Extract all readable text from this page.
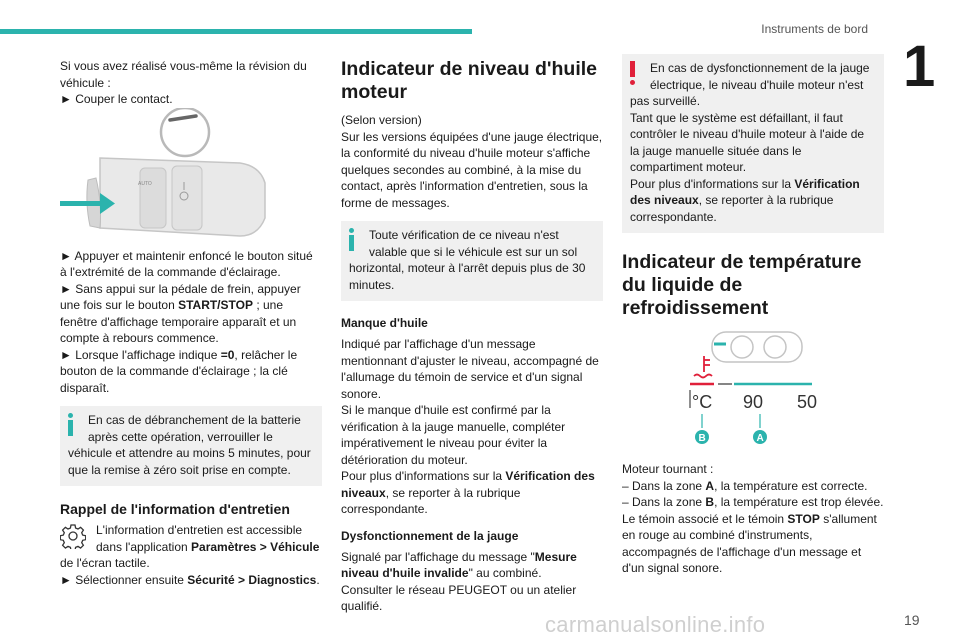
Instruments de bord
1

Si vous avez réalisé vous-même la révision du véhicule :

► Couper le contact.

AUTO

► Appuyer et maintenir enfoncé le bouton situé à l'extrémité de la commande d'éclairage.

► Sans appui sur la pédale de frein, appuyer une fois sur le bouton START/STOP ; une fenêtre d'affichage temporaire apparaît et un compte à rebours commence.

► Lorsque l'affichage indique =0, relâcher le bouton de la commande d'éclairage ; la clé disparaît.

En cas de débranchement de la batterie
après cette opération, verrouiller le
véhicule et attendre au moins 5 minutes, pour que la remise à zéro soit prise en compte.
Rappel de l'information d'entretien
L'information d'entretien est accessible
dans l'application Paramètres > Véhicule

de l'écran tactile.

► Sélectionner ensuite Sécurité > Diagnostics.

Indicateur de niveau d'huile moteur

(Selon version)

Sur les versions équipées d'une jauge électrique, la conformité du niveau d'huile moteur s'affiche quelques secondes au combiné, à la mise du contact, après l'information d'entretien, sous la forme de messages.

Toute vérification de ce niveau n'est
valable que si le véhicule est sur un sol
horizontal, moteur à l'arrêt depuis plus de 30 minutes.
Manque d'huile

Indiqué par l'affichage d'un message mentionnant d'ajuster le niveau, accompagné de l'allumage du témoin de service et d'un signal sonore.

Si le manque d'huile est confirmé par la vérification à la jauge manuelle, compléter impérativement le niveau pour éviter la détérioration du moteur.

Pour plus d'informations sur la Vérification des niveaux, se reporter à la rubrique correspondante.

Dysfonctionnement de la jauge

Signalé par l'affichage du message "Mesure niveau d'huile invalide" au combiné.

Consulter le réseau PEUGEOT ou un atelier qualifié.

En cas de dysfonctionnement de la jauge
électrique, le niveau d'huile moteur n'est
pas surveillé.
Tant que le système est défaillant, il faut contrôler le niveau d'huile moteur à l'aide de la jauge manuelle située dans le compartiment moteur.
Pour plus d'informations sur la Vérification des niveaux, se reporter à la rubrique correspondante.
Indicateur de température du liquide de refroidissement
°C 90 50
B	A

Moteur tournant :

– Dans la zone A, la température est correcte.

– Dans la zone B, la température est trop élevée. Le témoin associé et le témoin STOP s'allument en rouge au combiné d'instruments, accompagnés de l'affichage d'un message et d'un signal sonore.

carmanualsonline.info	19
